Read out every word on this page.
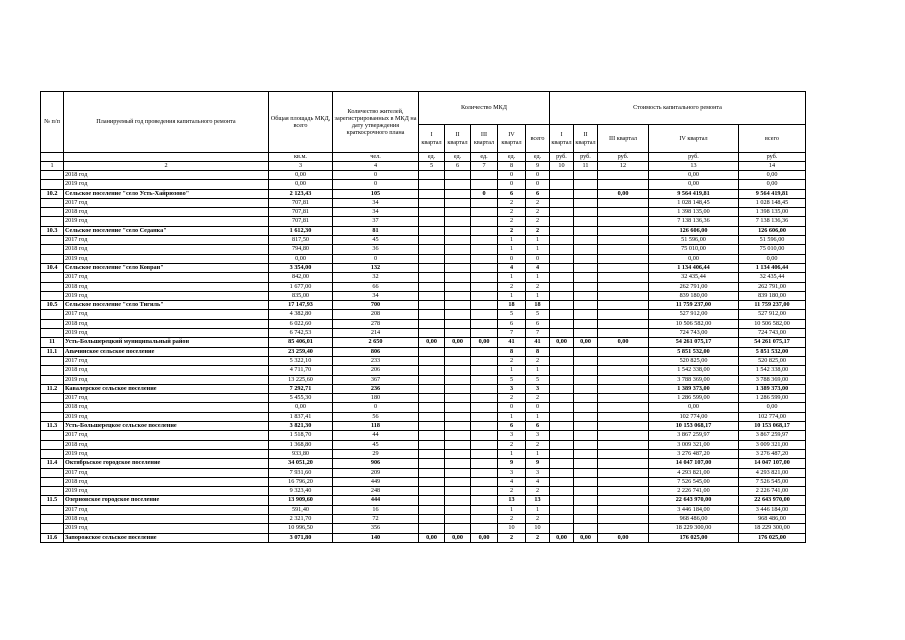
№ п/п	Планируемый год проведения капитального ремонта	Общая площадь МКД, всего	Количество жителей, зарегистрированных в МКД на дату утверждения краткосрочного плана	Количество МКД					Стоимость капитального ремонта				
				I квартал	II квартал	III квартал	IV квартал	всего	I квартал	II квартал	III квартал	IV квартал	всего
		кв.м.	чел.	ед.	ед.	ед.	ед.	ед.	руб.	руб.	руб.	руб.	руб.
1	2	3	4	5	6	7	8	9	10	11	12	13	14
	2018 год	0,00	0				0	0				0,00	0,00
	2019 год	0,00	0				0	0				0,00	0,00
10.2	Сельское поселение "село Усть-Хайрюзово"	2 123,43	105			0	6	6			0,00	9 564 419,81	9 564 419,81
	2017 год	707,81	34				2	2				1 028 148,45	1 028 148,45
	2018 год	707,81	34				2	2				1 398 135,00	1 398 135,00
	2019 год	707,81	37				2	2				7 138 136,36	7 138 136,36
10.3	Сельское поселение "село Седанка"	1 612,30	81				2	2				126 606,00	126 606,00
	2017 год	817,50	45				1	1				51 596,00	51 596,00
	2018 год	794,80	36				1	1				75 010,00	75 010,00
	2019 год	0,00	0				0	0				0,00	0,00
10.4	Сельское поселение "село Ковран"	3 354,00	132				4	4				1 134 406,44	1 134 406,44
	2017 год	842,00	32				1	1				32 435,44	32 435,44
	2018 год	1 677,00	66				2	2				262 791,00	262 791,00
	2019 год	835,00	34				1	1				839 180,00	839 180,00
10.5	Сельское поселение "село Тигиль"	17 147,93	700				18	18				11 759 237,00	11 759 237,00
	2017 год	4 382,80	208				5	5				527 912,00	527 912,00
	2018 год	6 022,60	278				6	6				10 506 582,00	10 506 582,00
	2019 год	6 742,53	214				7	7				724 743,00	724 743,00
11	Усть-Большерецкий муниципальный район	85 406,01	2 650	0,00	0,00	0,00	41	41	0,00	0,00	0,00	54 261 075,17	54 261 075,17
11.1	Апачинское сельское поселение	23 259,40	806				8	8				5 851 532,00	5 851 532,00
	2017 год	5 322,10	233				2	2				520 825,00	520 825,00
	2018 год	4 711,70	206				1	1				1 542 338,00	1 542 338,00
	2019 год	13 225,60	367				5	5				3 788 369,00	3 788 369,00
11.2	Кавалерское сельское поселение	7 292,71	236				3	3				1 389 373,00	1 389 373,00
	2017 год	5 455,30	180				2	2				1 286 599,00	1 286 599,00
	2018 год	0,00	0				0	0				0,00	0,00
	2019 год	1 837,41	56				1	1				102 774,00	102 774,00
11.3	Усть-Большерецкое сельское поселение	3 821,30	118				6	6				10 153 068,17	10 153 068,17
	2017 год	1 518,70	44				3	3				3 867 259,97	3 867 259,97
	2018 год	1 368,80	45				2	2				3 009 321,00	3 009 321,00
	2019 год	933,80	29				1	1				3 276 487,20	3 276 487,20
11.4	Октябрьское городское поселение	34 051,20	906				9	9				14 047 107,00	14 047 107,00
	2017 год	7 931,60	209				3	3				4 293 821,00	4 293 821,00
	2018 год	16 796,20	449				4	4				7 526 545,00	7 526 545,00
	2019 год	9 323,40	248				2	2				2 226 741,00	2 226 741,00
11.5	Озерновское городское поселение	13 909,60	444				13	13				22 643 970,00	22 643 970,00
	2017 год	591,40	16				1	1				3 446 184,00	3 446 184,00
	2018 год	2 321,70	72				2	2				968 486,00	968 486,00
	2019 год	10 996,50	356				10	10				18 229 300,00	18 229 300,00
11.6	Запорожское сельское поселение	3 071,80	140	0,00	0,00	0,00	2	2	0,00	0,00	0,00	176 025,00	176 025,00
